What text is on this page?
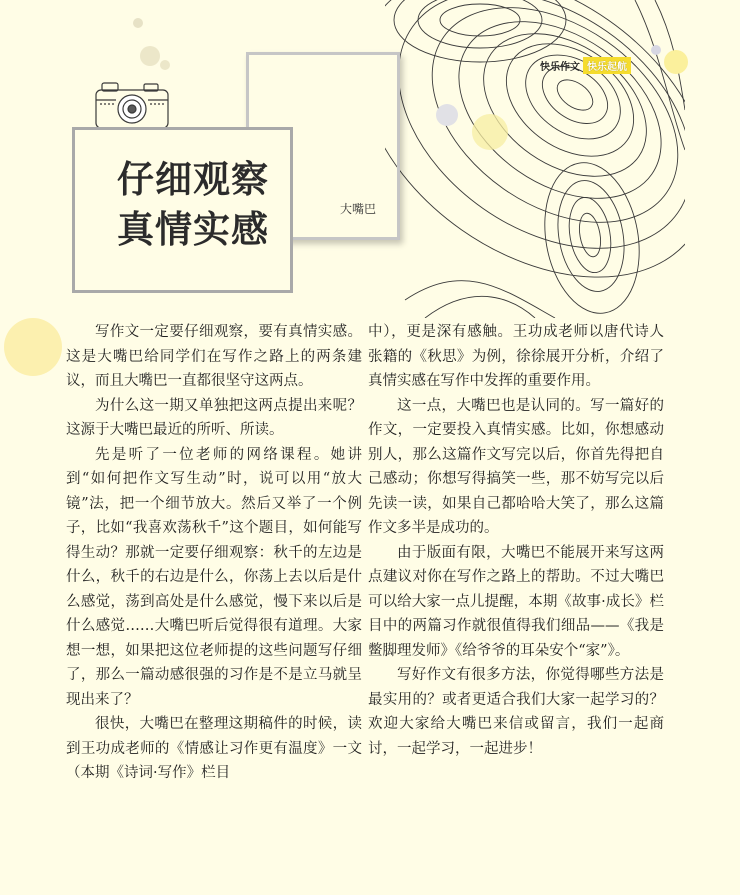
快乐作文 快乐起航
仔细观察
真情实感	大嘴巴

写作文一定要仔细观察，要有真情实感。这是大嘴巴给同学们在写作之路上的两条建议，而且大嘴巴一直都很坚守这两点。

为什么这一期又单独把这两点提出来呢？这源于大嘴巴最近的所听、所读。

先是听了一位老师的网络课程。她讲到“如何把作文写生动”时，说可以用“放大镜”法，把一个细节放大。然后又举了一个例子，比如“我喜欢荡秋千”这个题目，如何能写得生动？那就一定要仔细观察：秋千的左边是什么，秋千的右边是什么，你荡上去以后是什么感觉，荡到高处是什么感觉，慢下来以后是什么感觉……大嘴巴听后觉得很有道理。大家想一想，如果把这位老师提的这些问题写仔细了，那么一篇动感很强的习作是不是立马就呈现出来了？

很快，大嘴巴在整理这期稿件的时候，读到王功成老师的《情感让习作更有温度》一文（本期《诗词·写作》栏目

中），更是深有感触。王功成老师以唐代诗人张籍的《秋思》为例，徐徐展开分析，介绍了真情实感在写作中发挥的重要作用。

这一点，大嘴巴也是认同的。写一篇好的作文，一定要投入真情实感。比如，你想感动别人，那么这篇作文写完以后，你首先得把自己感动；你想写得搞笑一些，那不妨写完以后先读一读，如果自己都哈哈大笑了，那么这篇作文多半是成功的。

由于版面有限，大嘴巴不能展开来写这两点建议对你在写作之路上的帮助。不过大嘴巴可以给大家一点儿提醒，本期《故事·成长》栏目中的两篇习作就很值得我们细品——《我是鳖脚理发师》《给爷爷的耳朵安个“家”》。

写好作文有很多方法，你觉得哪些方法是最实用的？或者更适合我们大家一起学习的？欢迎大家给大嘴巴来信或留言，我们一起商讨，一起学习，一起进步！
